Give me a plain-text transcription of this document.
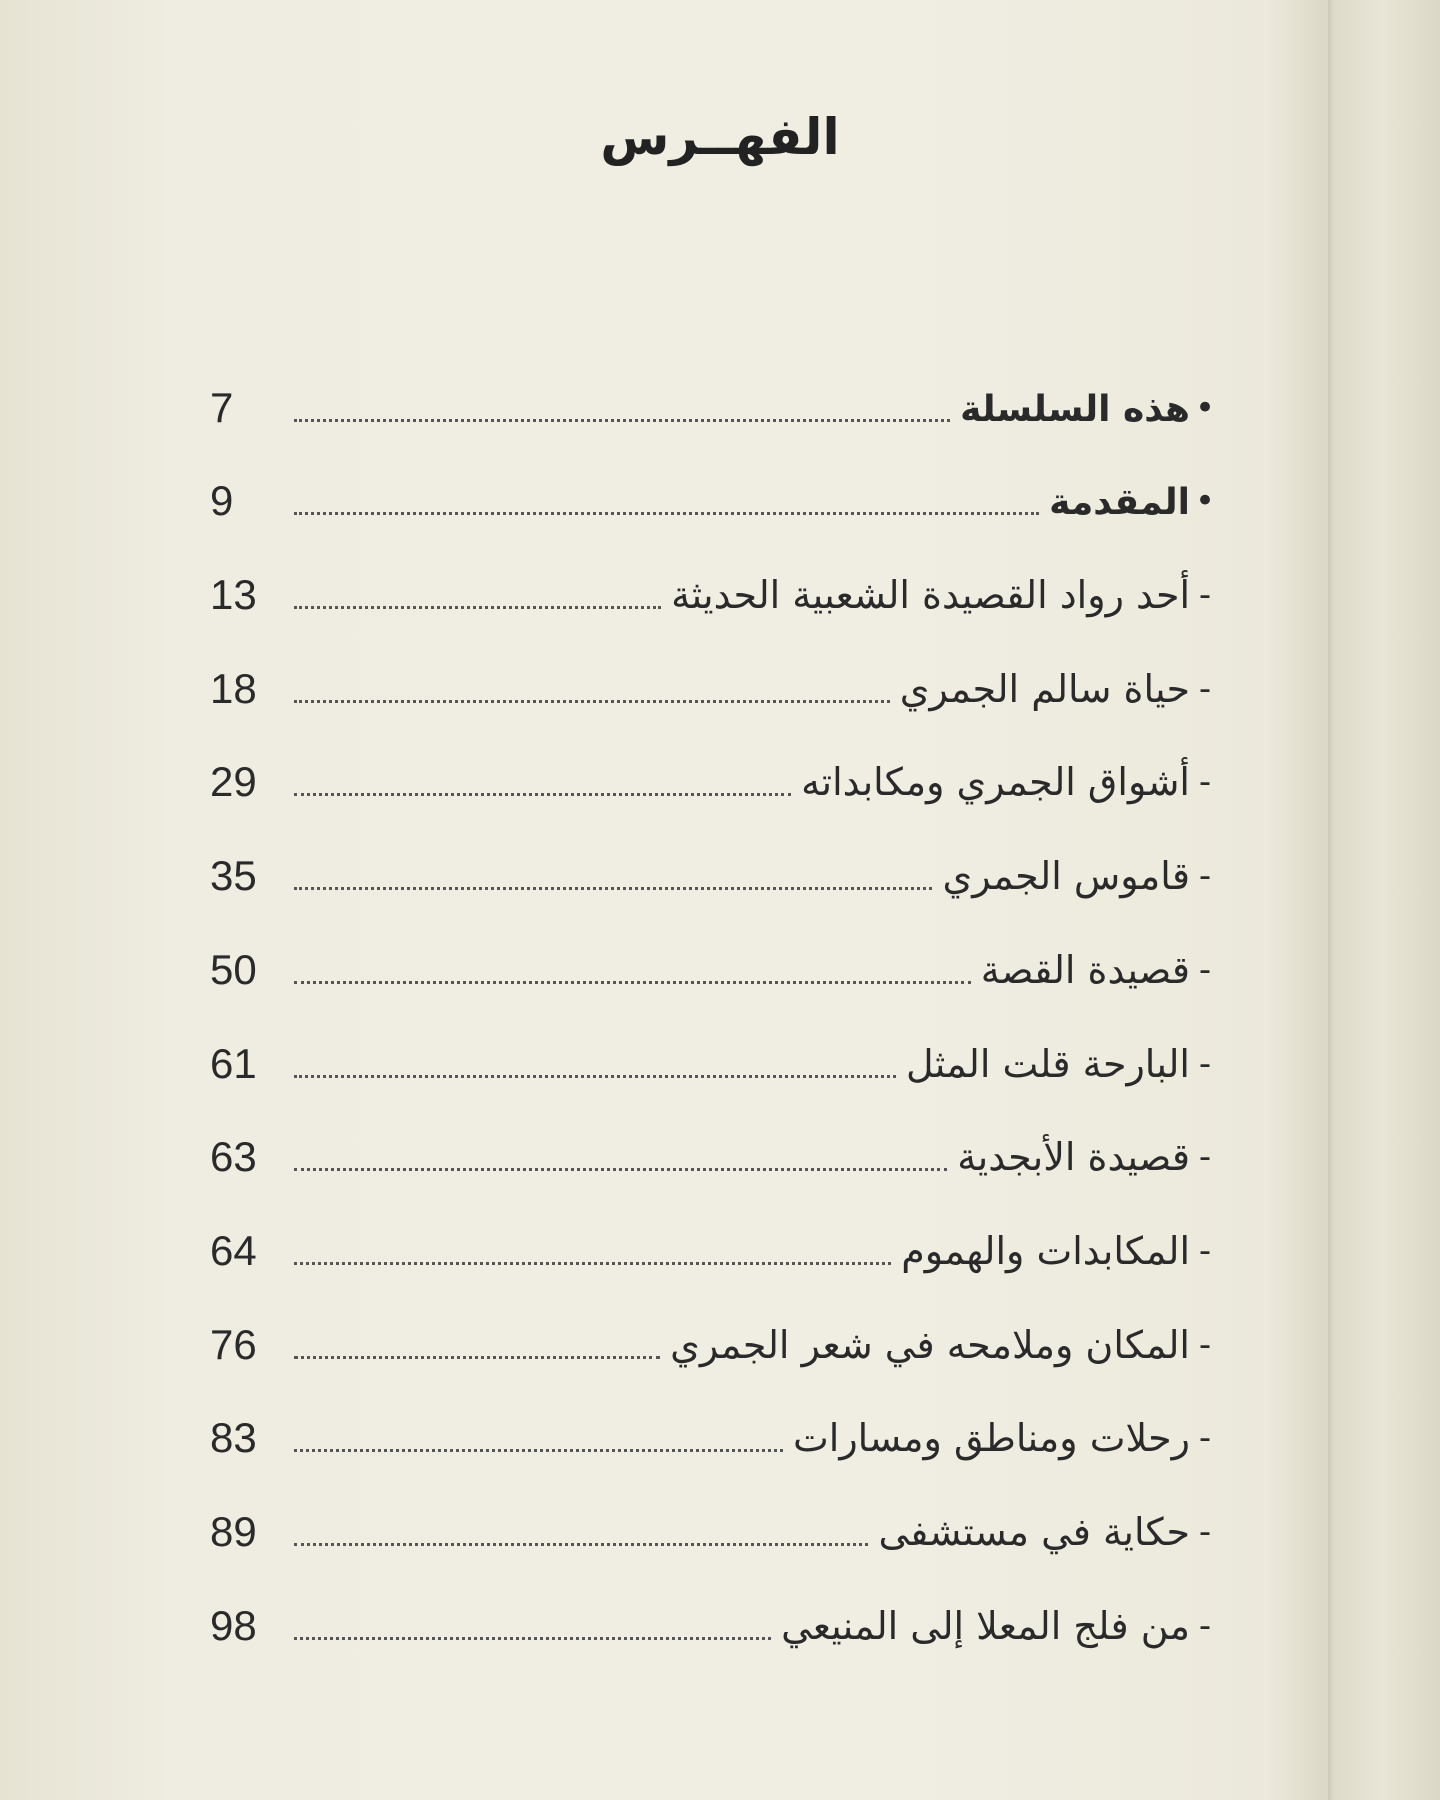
الفهــرس
•
هذه السلسلة
7
•
المقدمة
9
-
أحد رواد القصيدة الشعبية الحديثة
13
-
حياة سالم الجمري
18
-
أشواق الجمري ومكابداته
29
-
قاموس الجمري
35
-
قصيدة القصة
50
-
البارحة قلت المثل
61
-
قصيدة الأبجدية
63
-
المكابدات والهموم
64
-
المكان وملامحه في شعر الجمري
76
-
رحلات ومناطق ومسارات
83
-
حكاية في مستشفى
89
-
من فلج المعلا إلى المنيعي
98
